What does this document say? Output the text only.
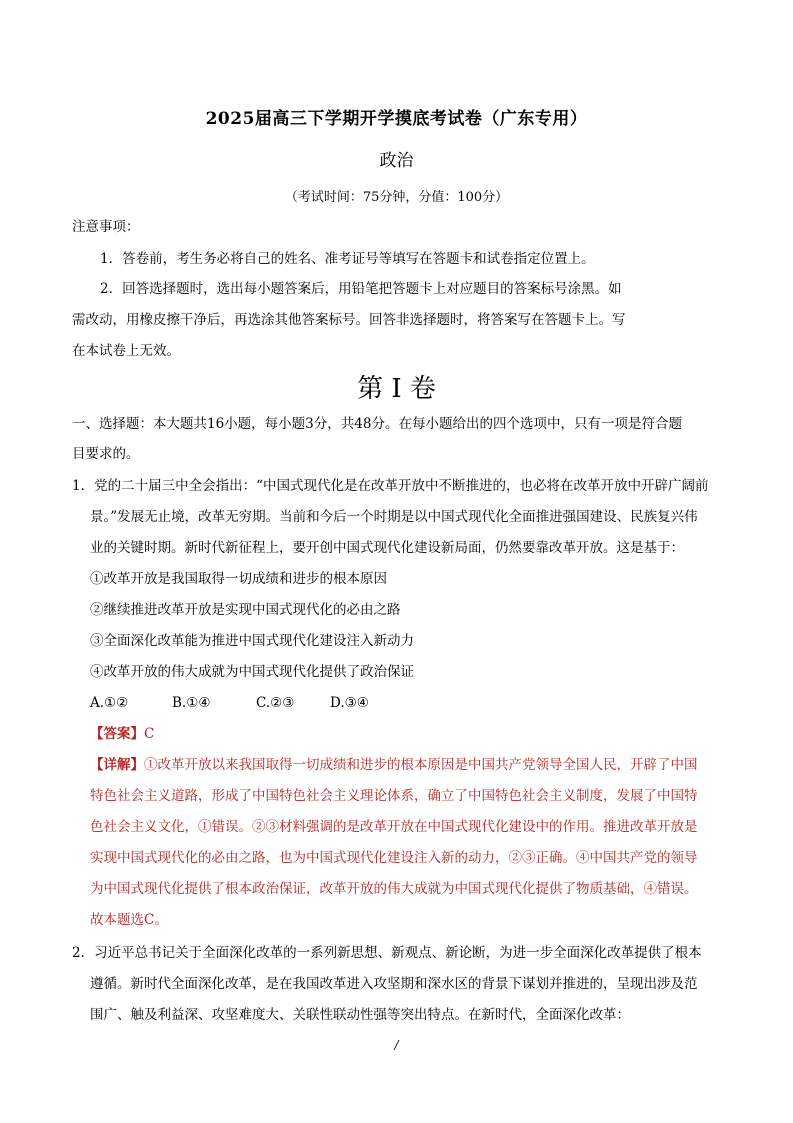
2025届高三下学期开学摸底考试卷（广东专用）
政治
（考试时间：75分钟，分值：100分）
注意事项：
1．答卷前，考生务必将自己的姓名、准考证号等填写在答题卡和试卷指定位置上。
2．回答选择题时，选出每小题答案后，用铅笔把答题卡上对应题目的答案标号涂黑。如
需改动，用橡皮擦干净后，再选涂其他答案标号。回答非选择题时，将答案写在答题卡上。写
在本试卷上无效。
第 I 卷
一、选择题：本大题共16小题，每小题3分，共48分。在每小题给出的四个选项中，只有一项是符合题
目要求的。
1．党的二十届三中全会指出：“中国式现代化是在改革开放中不断推进的，也必将在改革开放中开辟广阔前
景。”发展无止境，改革无穷期。当前和今后一个时期是以中国式现代化全面推进强国建设、民族复兴伟
业的关键时期。新时代新征程上，要开创中国式现代化建设新局面，仍然要靠改革开放。这是基于：
①改革开放是我国取得一切成绩和进步的根本原因
②继续推进改革开放是实现中国式现代化的必由之路
③全面深化改革能为推进中国式现代化建设注入新动力
④改革开放的伟大成就为中国式现代化提供了政治保证
A.①②	B.①④	C.②③	D.③④
【答案】C
【详解】①改革开放以来我国取得一切成绩和进步的根本原因是中国共产党领导全国人民，开辟了中国
特色社会主义道路，形成了中国特色社会主义理论体系，确立了中国特色社会主义制度，发展了中国特
色社会主义文化，①错误。②③材料强调的是改革开放在中国式现代化建设中的作用。推进改革开放是
实现中国式现代化的必由之路，也为中国式现代化建设注入新的动力，②③正确。④中国共产党的领导
为中国式现代化提供了根本政治保证，改革开放的伟大成就为中国式现代化提供了物质基础，④错误。
故本题选C。
2．习近平总书记关于全面深化改革的一系列新思想、新观点、新论断，为进一步全面深化改革提供了根本
遵循。新时代全面深化改革，是在我国改革进入攻坚期和深水区的背景下谋划并推进的，呈现出涉及范
围广、触及利益深、攻坚难度大、关联性联动性强等突出特点。在新时代，全面深化改革：
/
